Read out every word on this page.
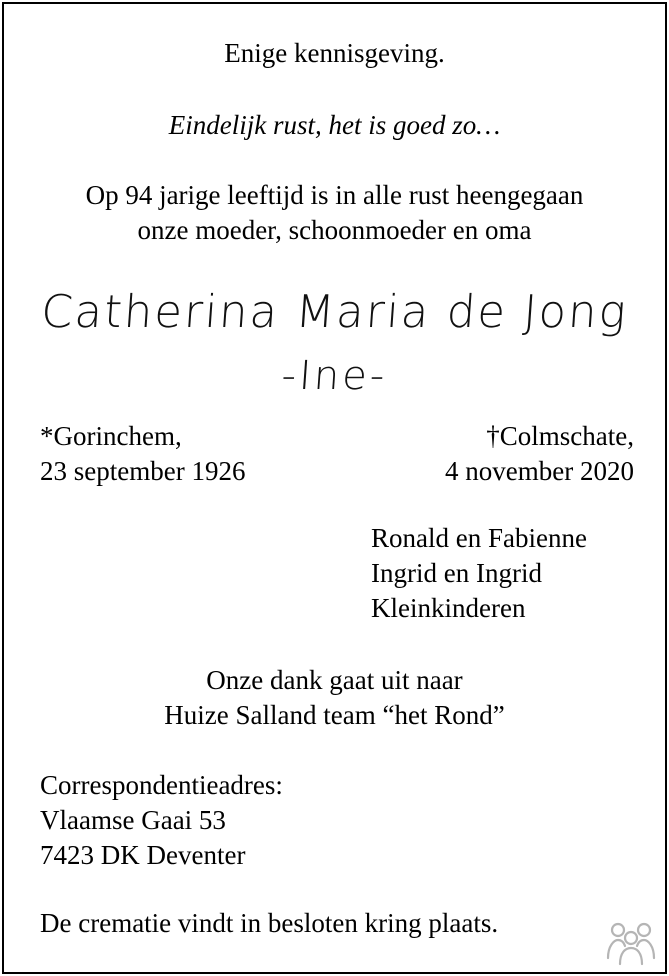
Enige kennisgeving.
Eindelijk rust, het is goed zo…
Op 94 jarige leeftijd is in alle rust heengegaan
onze moeder, schoonmoeder en oma
Catherina Maria de Jong
-Ine-
*Gorinchem,
23 september 1926
†Colmschate,
4 november 2020
Ronald en Fabienne
Ingrid en Ingrid
Kleinkinderen
Onze dank gaat uit naar
Huize Salland team “het Rond”
Correspondentieadres:
Vlaamse Gaai 53
7423 DK Deventer
De crematie vindt in besloten kring plaats.
